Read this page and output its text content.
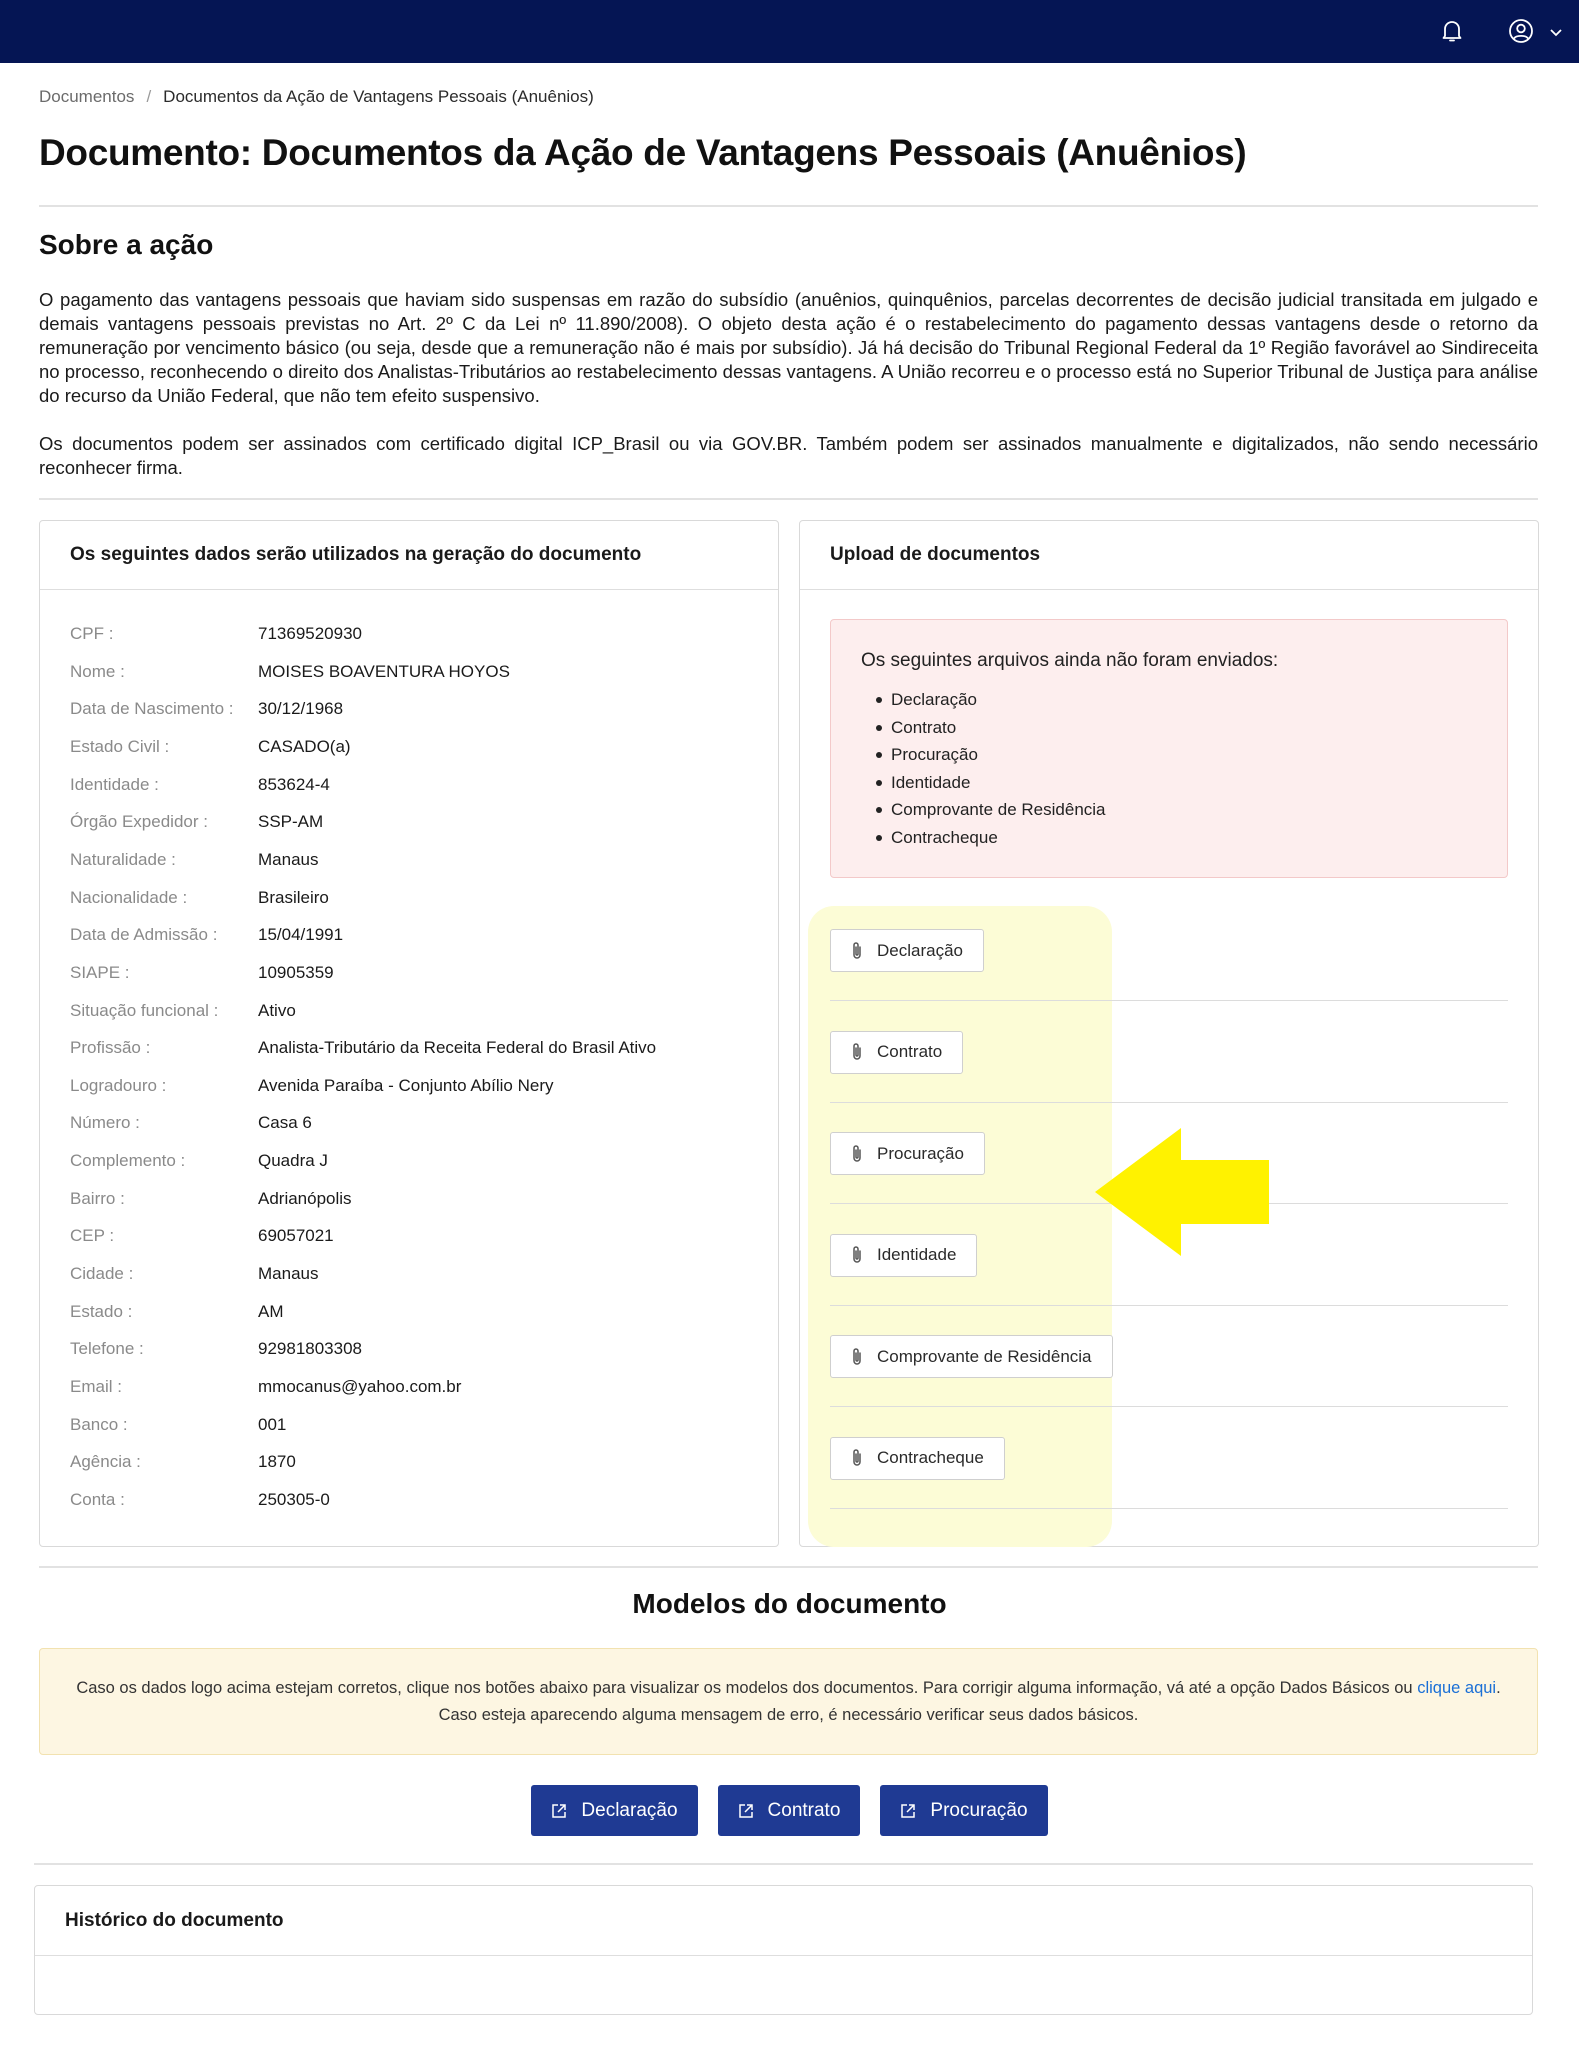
Documentos / Documentos da Ação de Vantagens Pessoais (Anuênios)
Documento: Documentos da Ação de Vantagens Pessoais (Anuênios)
Sobre a ação

O pagamento das vantagens pessoais que haviam sido suspensas em razão do subsídio (anuênios, quinquênios, parcelas decorrentes de decisão judicial transitada em julgado e demais vantagens pessoais previstas no Art. 2º C da Lei nº 11.890/2008). O objeto desta ação é o restabelecimento do pagamento dessas vantagens desde o retorno da remuneração por vencimento básico (ou seja, desde que a remuneração não é mais por subsídio). Já há decisão do Tribunal Regional Federal da 1º Região favorável ao Sindireceita no processo, reconhecendo o direito dos Analistas-Tributários ao restabelecimento dessas vantagens. A União recorreu e o processo está no Superior Tribunal de Justiça para análise do recurso da União Federal, que não tem efeito suspensivo.

Os documentos podem ser assinados com certificado digital ICP_Brasil ou via GOV.BR. Também podem ser assinados manualmente e digitalizados, não sendo necessário reconhecer firma.

Os seguintes dados serão utilizados na geração do documento
CPF :	71369520930
Nome :	MOISES BOAVENTURA HOYOS
Data de Nascimento : 30/12/1968
Estado Civil :	CASADO(a)
Identidade :	853624-4
Órgão Expedidor :	SSP-AM
Naturalidade :	Manaus
Nacionalidade :	Brasileiro
Data de Admissão : 15/04/1991
SIAPE :	10905359
Situação funcional : Ativo
Profissão :	Analista-Tributário da Receita Federal do Brasil Ativo
Logradouro :	Avenida Paraíba - Conjunto Abílio Nery
Número :	Casa 6
Complemento :	Quadra J
Bairro :	Adrianópolis
CEP :	69057021
Cidade :	Manaus
Estado :	AM
Telefone :	92981803308
Email :	mmocanus@yahoo.com.br
Banco :	001
Agência :	1870
Conta :	250305-0
Upload de documentos
Os seguintes arquivos ainda não foram enviados:
Declaração
Contrato
Procuração
Identidade
Comprovante de Residência
Contracheque
Declaração
Contrato
Procuração
Identidade
Comprovante de Residência
Contracheque
Modelos do documento
Caso os dados logo acima estejam corretos, clique nos botões abaixo para visualizar os modelos dos documentos. Para corrigir alguma informação, vá até a opção Dados Básicos ou clique aqui.
Caso esteja aparecendo alguma mensagem de erro, é necessário verificar seus dados básicos.
Declaração	Contrato	Procuração
Histórico do documento
